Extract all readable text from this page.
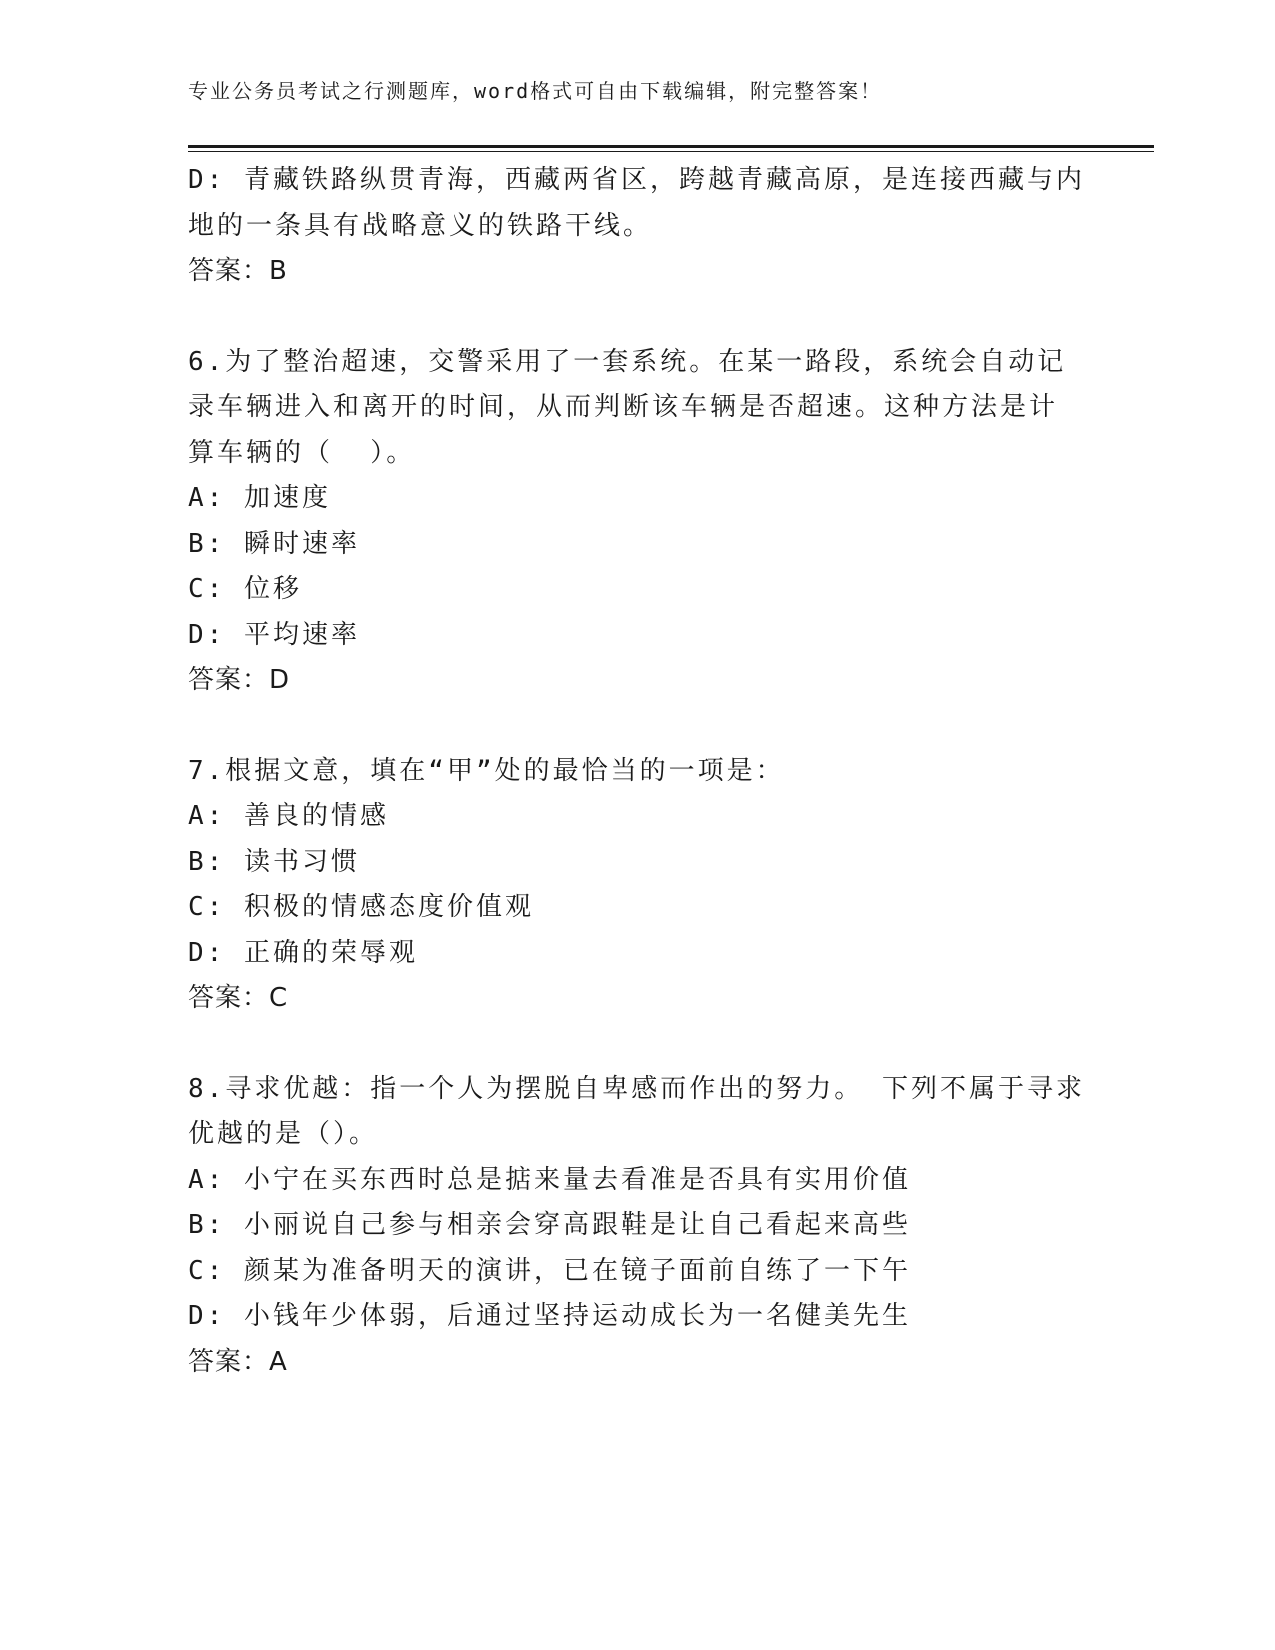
专业公务员考试之行测题库，word格式可自由下载编辑，附完整答案！
D: 青藏铁路纵贯青海，西藏两省区，跨越青藏高原，是连接西藏与内
地的一条具有战略意义的铁路干线。
答案：B
6.为了整治超速，交警采用了一套系统。在某一路段，系统会自动记
录车辆进入和离开的时间，从而判断该车辆是否超速。这种方法是计
算车辆的（  ）。
A: 加速度
B: 瞬时速率
C: 位移
D: 平均速率
答案：D
7.根据文意，填在“甲”处的最恰当的一项是：
A: 善良的情感
B: 读书习惯
C: 积极的情感态度价值观
D: 正确的荣辱观
答案：C
8.寻求优越：指一个人为摆脱自卑感而作出的努力。 下列不属于寻求
优越的是（）。
A: 小宁在买东西时总是掂来量去看准是否具有实用价值
B: 小丽说自己参与相亲会穿高跟鞋是让自己看起来高些
C: 颜某为准备明天的演讲，已在镜子面前自练了一下午
D: 小钱年少体弱，后通过坚持运动成长为一名健美先生
答案：A
